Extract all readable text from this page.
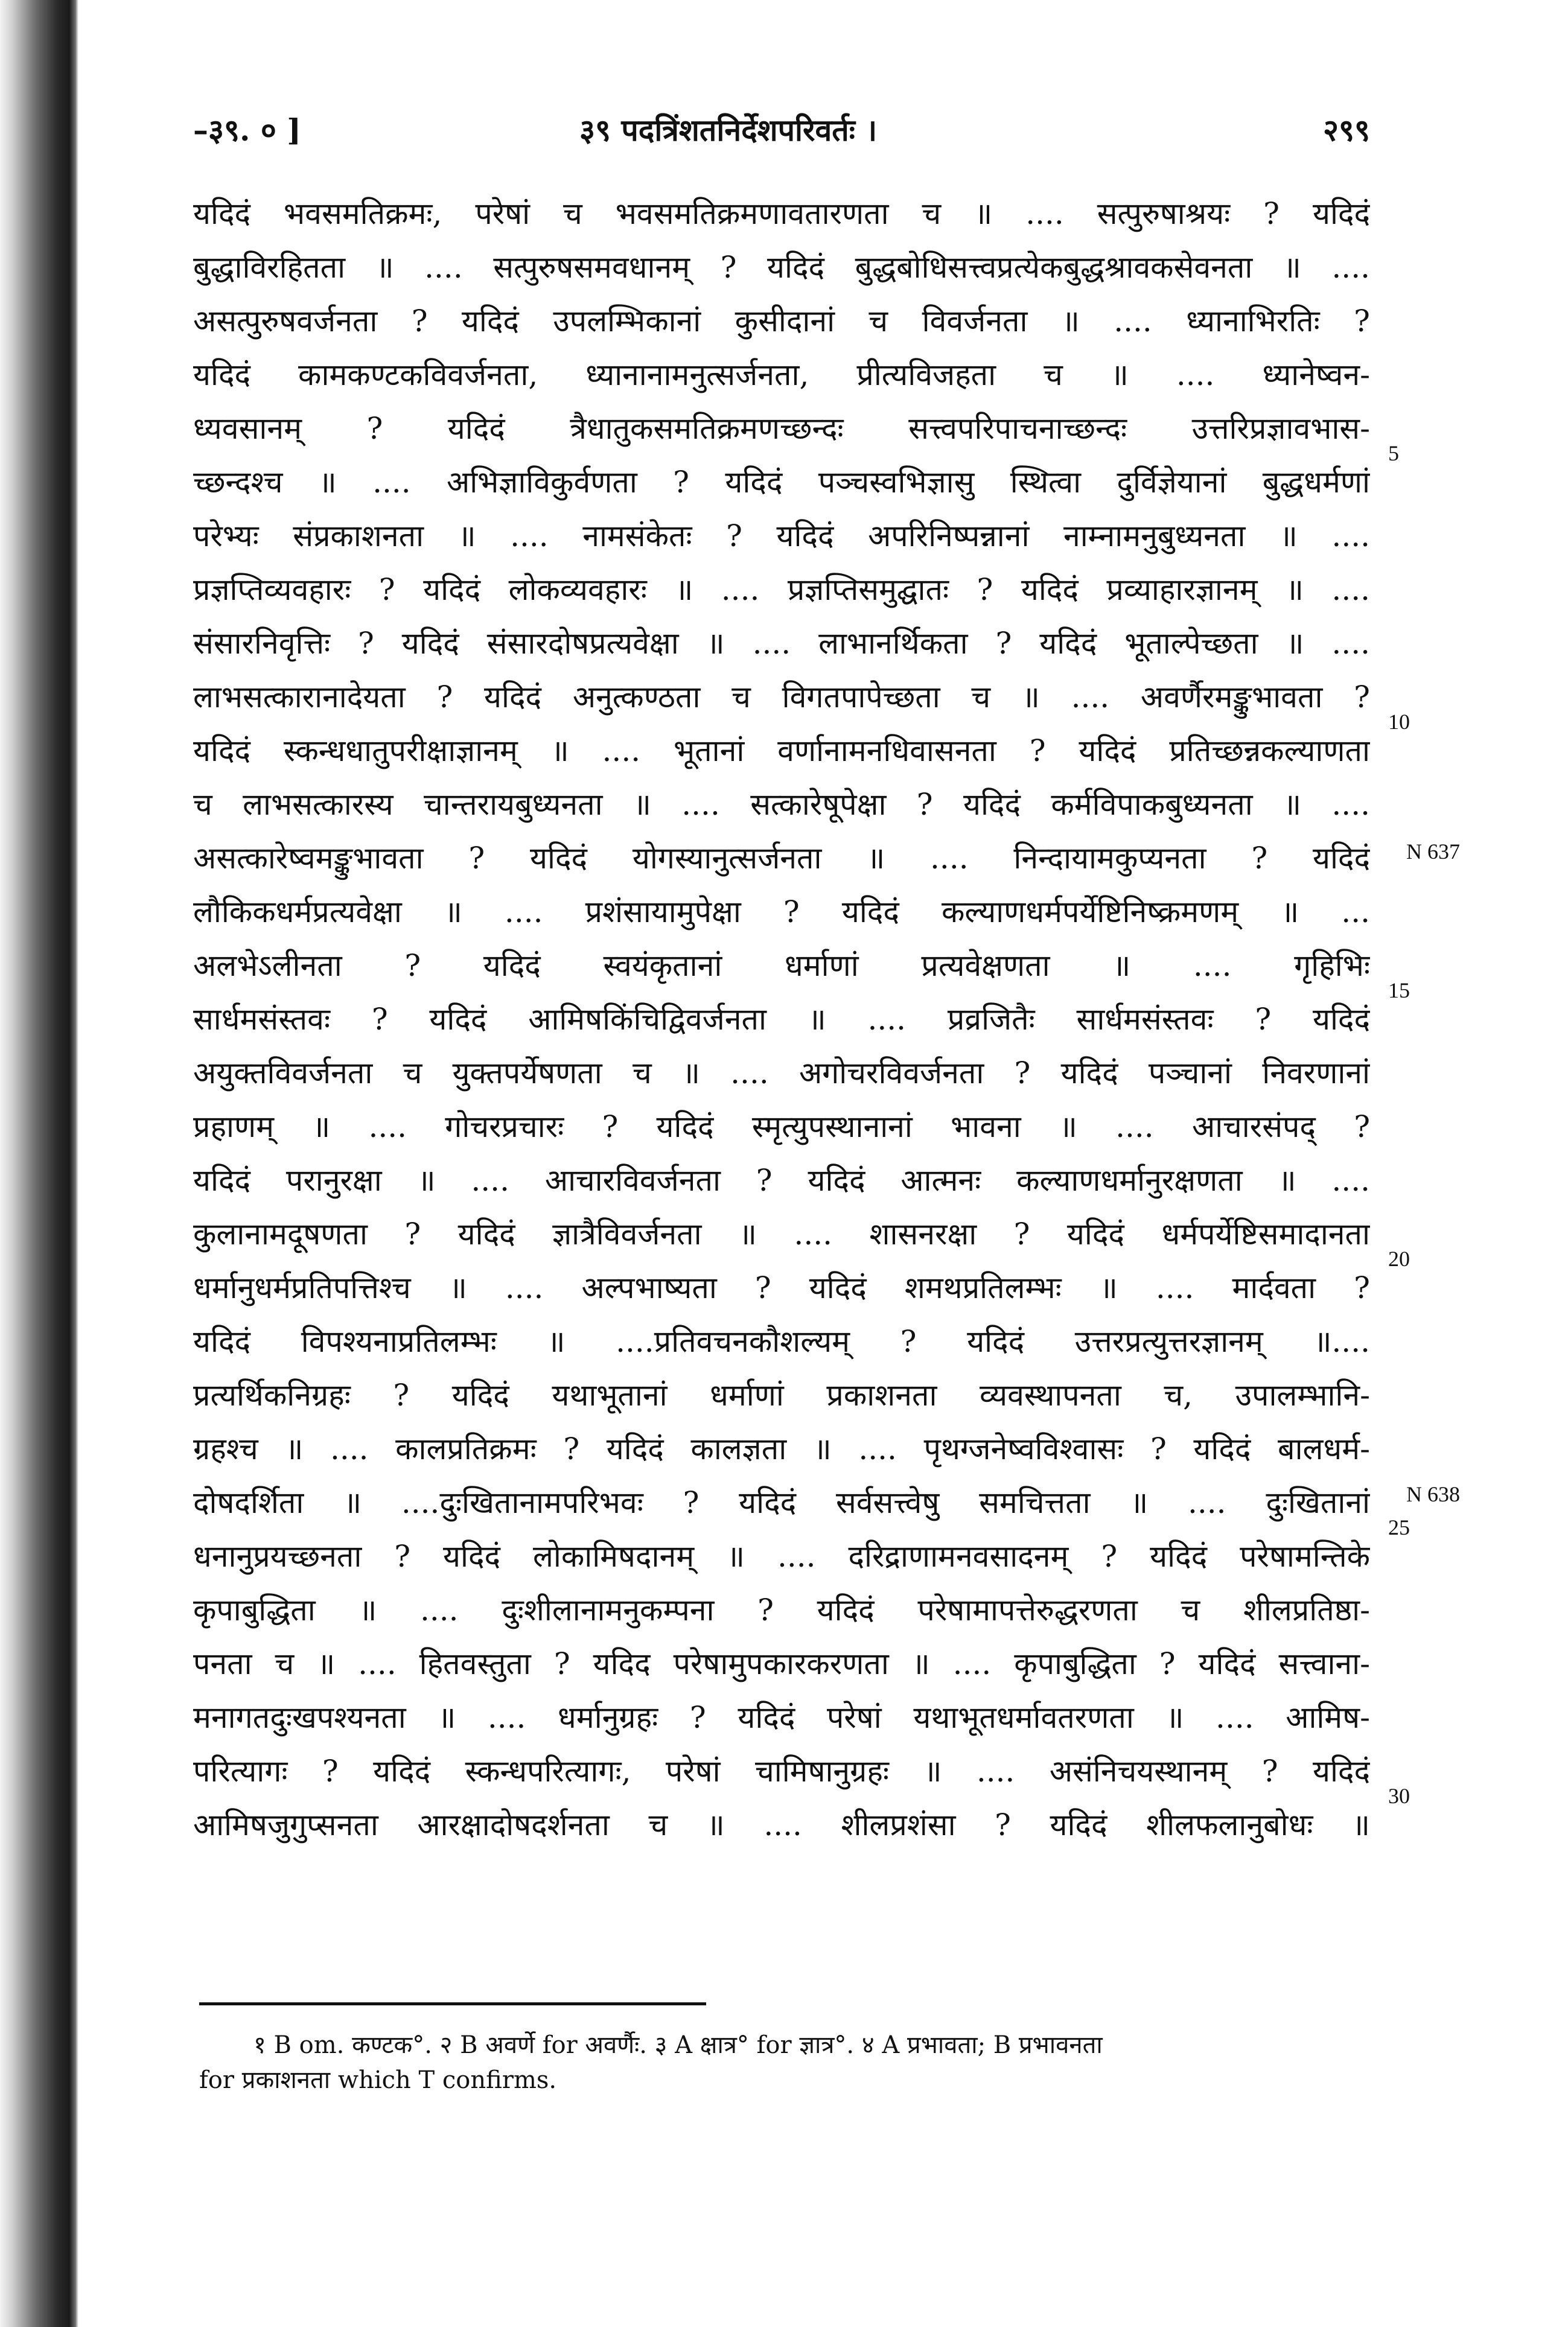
–३९. ० ]	३९ पदत्रिंशतनिर्देशपरिवर्तः ।	२९९
यदिदं भवसमतिक्रमः, परेषां च भवसमतिक्रमणावतारणता च ॥ .... सत्पुरुषाश्रयः ? यदिदं
बुद्धाविरहितता ॥ .... सत्पुरुषसमवधानम् ? यदिदं बुद्धबोधिसत्त्वप्रत्येकबुद्धश्रावकसेवनता ॥ ....
असत्पुरुषवर्जनता ? यदिदं उपलम्भिकानां कुसीदानां च विवर्जनता ॥ .... ध्यानाभिरतिः ?
यदिदं कामकण्टकविवर्जनता, ध्यानानामनुत्सर्जनता, प्रीत्यविजहता च ॥ .... ध्यानेष्वन-
ध्यवसानम् ? यदिदं त्रैधातुकसमतिक्रमणच्छन्दः सत्त्वपरिपाचनाच्छन्दः उत्तरिप्रज्ञावभास-
च्छन्दश्च ॥ .... अभिज्ञाविकुर्वणता ? यदिदं पञ्चस्वभिज्ञासु स्थित्वा दुर्विज्ञेयानां बुद्धधर्मणां
परेभ्यः संप्रकाशनता ॥ .... नामसंकेतः ? यदिदं अपरिनिष्पन्नानां नाम्नामनुबुध्यनता ॥ ....
प्रज्ञप्तिव्यवहारः ? यदिदं लोकव्यवहारः ॥ .... प्रज्ञप्तिसमुद्घातः ? यदिदं प्रव्याहारज्ञानम् ॥ ....
संसारनिवृत्तिः ? यदिदं संसारदोषप्रत्यवेक्षा ॥ .... लाभानर्थिकता ? यदिदं भूताल्पेच्छता ॥ ....
लाभसत्कारानादेयता ? यदिदं अनुत्कण्ठता च विगतपापेच्छता च ॥ .... अवर्णैरमङ्कुभावता ?
यदिदं स्कन्धधातुपरीक्षाज्ञानम् ॥ .... भूतानां वर्णानामनधिवासनता ? यदिदं प्रतिच्छन्नकल्याणता
च लाभसत्कारस्य चान्तरायबुध्यनता ॥ .... सत्कारेषूपेक्षा ? यदिदं कर्मविपाकबुध्यनता ॥ ....
असत्कारेष्वमङ्कुभावता ? यदिदं योगस्यानुत्सर्जनता ॥ .... निन्दायामकुप्यनता ? यदिदं
लौकिकधर्मप्रत्यवेक्षा ॥ .... प्रशंसायामुपेक्षा ? यदिदं कल्याणधर्मपर्येष्टिनिष्क्रमणम् ॥ ...
अलभेऽलीनता ? यदिदं स्वयंकृतानां धर्माणां प्रत्यवेक्षणता ॥ .... गृहिभिः
सार्धमसंस्तवः ? यदिदं आमिषकिंचिद्विवर्जनता ॥ .... प्रव्रजितैः सार्धमसंस्तवः ? यदिदं
अयुक्तविवर्जनता च युक्तपर्येषणता च ॥ .... अगोचरविवर्जनता ? यदिदं पञ्चानां निवरणानां
प्रहाणम् ॥ .... गोचरप्रचारः ? यदिदं स्मृत्युपस्थानानां भावना ॥ .... आचारसंपद् ?
यदिदं परानुरक्षा ॥ .... आचारविवर्जनता ? यदिदं आत्मनः कल्याणधर्मानुरक्षणता ॥ ....
कुलानामदूषणता ? यदिदं ज्ञात्रैविवर्जनता ॥ .... शासनरक्षा ? यदिदं धर्मपर्येष्टिसमादानता
धर्मानुधर्मप्रतिपत्तिश्च ॥ .... अल्पभाष्यता ? यदिदं शमथप्रतिलम्भः ॥ .... मार्दवता ?
यदिदं विपश्यनाप्रतिलम्भः ॥ ....प्रतिवचनकौशल्यम् ? यदिदं उत्तरप्रत्युत्तरज्ञानम् ॥....
प्रत्यर्थिकनिग्रहः ? यदिदं यथाभूतानां धर्माणां प्रकाशनता व्यवस्थापनता च, उपालम्भानि-
ग्रहश्च ॥ .... कालप्रतिक्रमः ? यदिदं कालज्ञता ॥ .... पृथग्जनेष्वविश्वासः ? यदिदं बालधर्म-
दोषदर्शिता ॥ ....दुःखितानामपरिभवः ? यदिदं सर्वसत्त्वेषु समचित्तता ॥ .... दुःखितानां
धनानुप्रयच्छनता ? यदिदं लोकामिषदानम् ॥ .... दरिद्राणामनवसादनम् ? यदिदं परेषामन्तिके
कृपाबुद्धिता ॥ .... दुःशीलानामनुकम्पना ? यदिदं परेषामापत्तेरुद्धरणता च शीलप्रतिष्ठा-
पनता च ॥ .... हितवस्तुता ? यदिद परेषामुपकारकरणता ॥ .... कृपाबुद्धिता ? यदिदं सत्त्वाना-
मनागतदुःखपश्यनता ॥ .... धर्मानुग्रहः ? यदिदं परेषां यथाभूतधर्मावतरणता ॥ .... आमिष-
परित्यागः ? यदिदं स्कन्धपरित्यागः, परेषां चामिषानुग्रहः ॥ .... असंनिचयस्थानम् ? यदिदं
आमिषजुगुप्सनता आरक्षादोषदर्शनता च ॥ .... शीलप्रशंसा ? यदिदं शीलफलानुबोधः ॥
5
10
15
20
25
30
N 637
N 638
१ B om. कण्टक°. २ B अवर्णे for अवर्णैः. ३ A क्षात्र° for ज्ञात्र°. ४ A प्रभावता; B प्रभावनता
for प्रकाशनता which T confirms.
